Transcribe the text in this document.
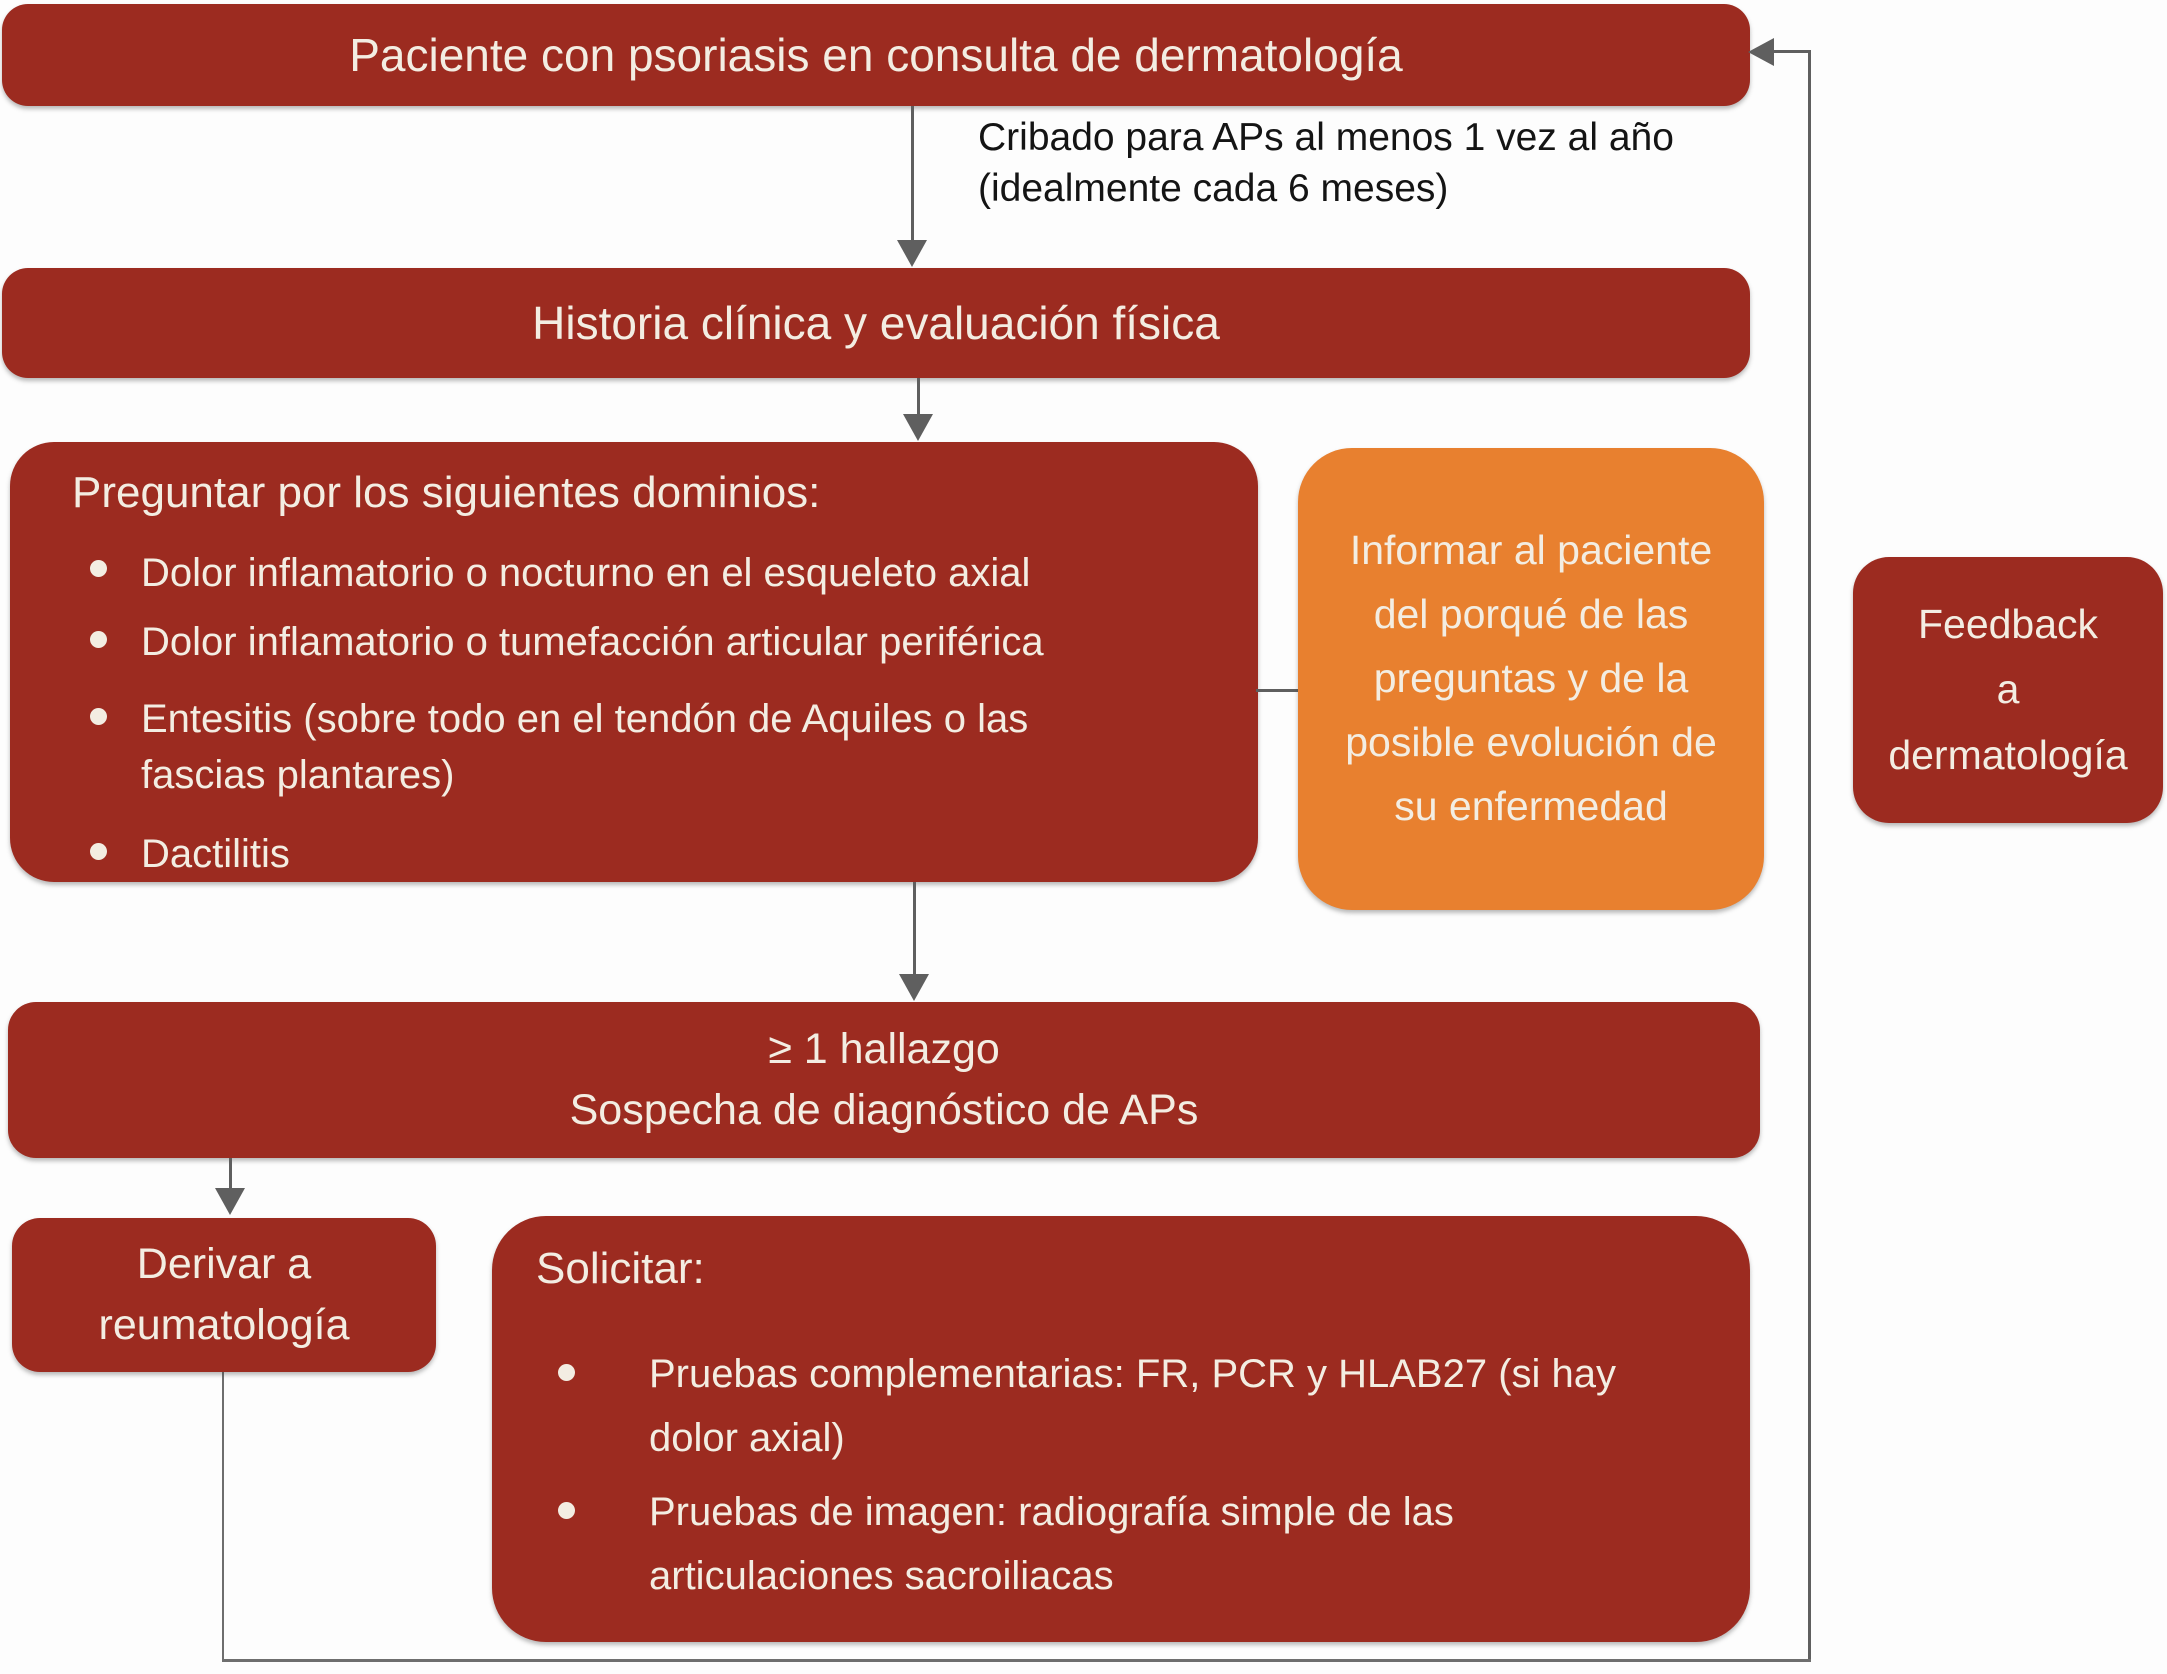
Paciente con psoriasis en consulta de dermatología
Cribado para APs al menos 1 vez al año
(idealmente cada 6 meses)
Historia clínica y evaluación física
Preguntar por los siguientes dominios:
Dolor inflamatorio o nocturno en el esqueleto axial
Dolor inflamatorio o tumefacción articular periférica
Entesitis (sobre todo en el tendón de Aquiles o las fascias plantares)
Dactilitis
Informar al paciente del porqué de las preguntas y de la posible evolución de su enfermedad
Feedback
a
dermatología
≥ 1 hallazgo
Sospecha de diagnóstico de APs
Derivar a
reumatología
Solicitar:
Pruebas complementarias: FR, PCR y HLAB27 (si hay dolor axial)
Pruebas de imagen: radiografía simple de las articulaciones sacroiliacas
